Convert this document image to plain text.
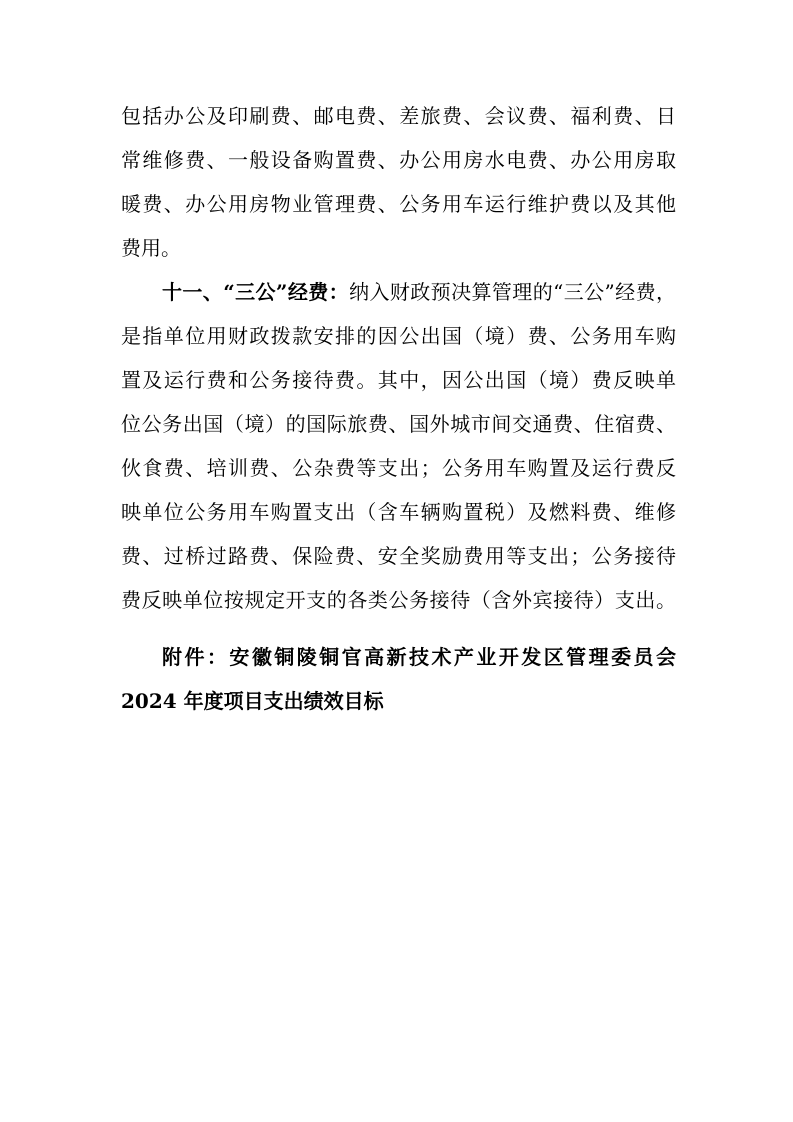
包括办公及印刷费、邮电费、差旅费、会议费、福利费、日
常维修费、一般设备购置费、办公用房水电费、办公用房取
暖费、办公用房物业管理费、公务用车运行维护费以及其他
费用。
十一、“三公”经费：纳入财政预决算管理的“三公”经费，
是指单位用财政拨款安排的因公出国（境）费、公务用车购
置及运行费和公务接待费。其中，因公出国（境）费反映单
位公务出国（境）的国际旅费、国外城市间交通费、住宿费、
伙食费、培训费、公杂费等支出；公务用车购置及运行费反
映单位公务用车购置支出（含车辆购置税）及燃料费、维修
费、过桥过路费、保险费、安全奖励费用等支出；公务接待
费反映单位按规定开支的各类公务接待（含外宾接待）支出。
附件：安徽铜陵铜官高新技术产业开发区管理委员会
2024 年度项目支出绩效目标
